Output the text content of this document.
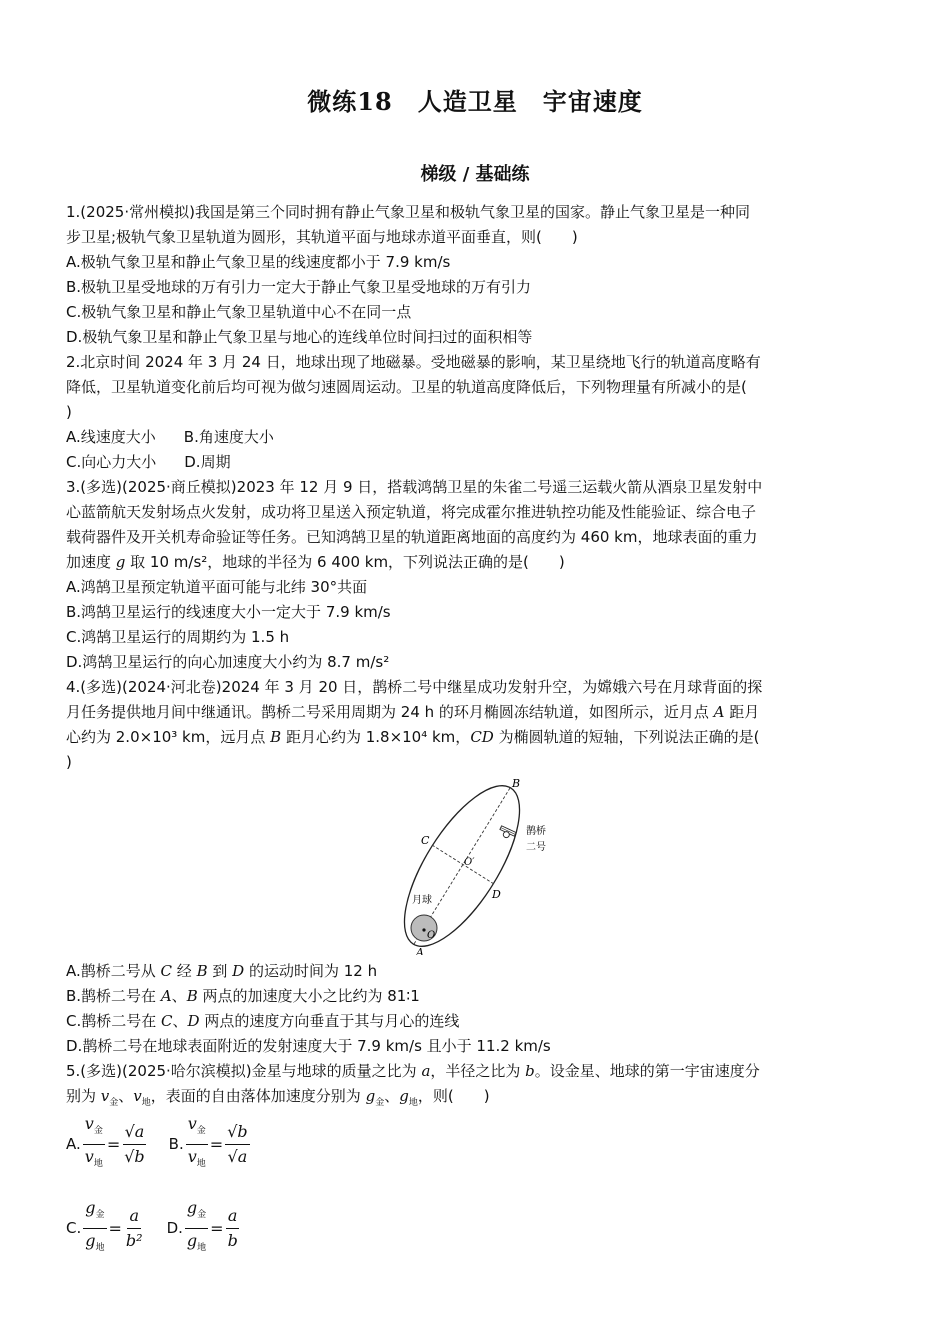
微练18　人造卫星　宇宙速度
梯级 / 基础练
1.(2025·常州模拟)我国是第三个同时拥有静止气象卫星和极轨气象卫星的国家。静止气象卫星是一种同
步卫星;极轨气象卫星轨道为圆形，其轨道平面与地球赤道平面垂直，则(　　)
A.极轨气象卫星和静止气象卫星的线速度都小于 7.9 km/s
B.极轨卫星受地球的万有引力一定大于静止气象卫星受地球的万有引力
C.极轨气象卫星和静止气象卫星轨道中心不在同一点
D.极轨气象卫星和静止气象卫星与地心的连线单位时间扫过的面积相等
2.北京时间 2024 年 3 月 24 日，地球出现了地磁暴。受地磁暴的影响，某卫星绕地飞行的轨道高度略有
降低，卫星轨道变化前后均可视为做匀速圆周运动。卫星的轨道高度降低后，下列物理量有所减小的是(
)
A.线速度大小 B.角速度大小
C.向心力大小 D.周期
3.(多选)(2025·商丘模拟)2023 年 12 月 9 日，搭载鸿鹄卫星的朱雀二号遥三运载火箭从酒泉卫星发射中
心蓝箭航天发射场点火发射，成功将卫星送入预定轨道，将完成霍尔推进轨控功能及性能验证、综合电子
载荷器件及开关机寿命验证等任务。已知鸿鹄卫星的轨道距离地面的高度约为 460 km，地球表面的重力
加速度 g 取 10 m/s²，地球的半径为 6 400 km，下列说法正确的是(　　)
A.鸿鹄卫星预定轨道平面可能与北纬 30°共面
B.鸿鹄卫星运行的线速度大小一定大于 7.9 km/s
C.鸿鹄卫星运行的周期约为 1.5 h
D.鸿鹄卫星运行的向心加速度大小约为 8.7 m/s²
4.(多选)(2024·河北卷)2024 年 3 月 20 日，鹊桥二号中继星成功发射升空，为嫦娥六号在月球背面的探
月任务提供地月间中继通讯。鹊桥二号采用周期为 24 h 的环月椭圆冻结轨道，如图所示，近月点 A 距月
心约为 2.0×10³ km，远月点 B 距月心约为 1.8×10⁴ km，CD 为椭圆轨道的短轴，下列说法正确的是(
)
B
C
D
A
O′
O
月球
鹊桥
二号
A.鹊桥二号从 C 经 B 到 D 的运动时间为 12 h
B.鹊桥二号在 A、B 两点的加速度大小之比约为 81∶1
C.鹊桥二号在 C、D 两点的速度方向垂直于其与月心的连线
D.鹊桥二号在地球表面附近的发射速度大于 7.9 km/s 且小于 11.2 km/s
5.(多选)(2025·哈尔滨模拟)金星与地球的质量之比为 a，半径之比为 b。设金星、地球的第一宇宙速度分
别为 $v_金$、$v_地$，表面的自由落体加速度分别为 $g_金$、$g_地$，则(　　)
A. $\frac{v_金}{v_地} = \frac{√a}{√b} B$. $\frac{v_金}{v_地} = \frac{√b}{√a}$
C. $\frac{g_金}{g_地} = \frac{a}{\text{b²}} D$. $\frac{g_金}{g_地} = \frac{a}{b}$
